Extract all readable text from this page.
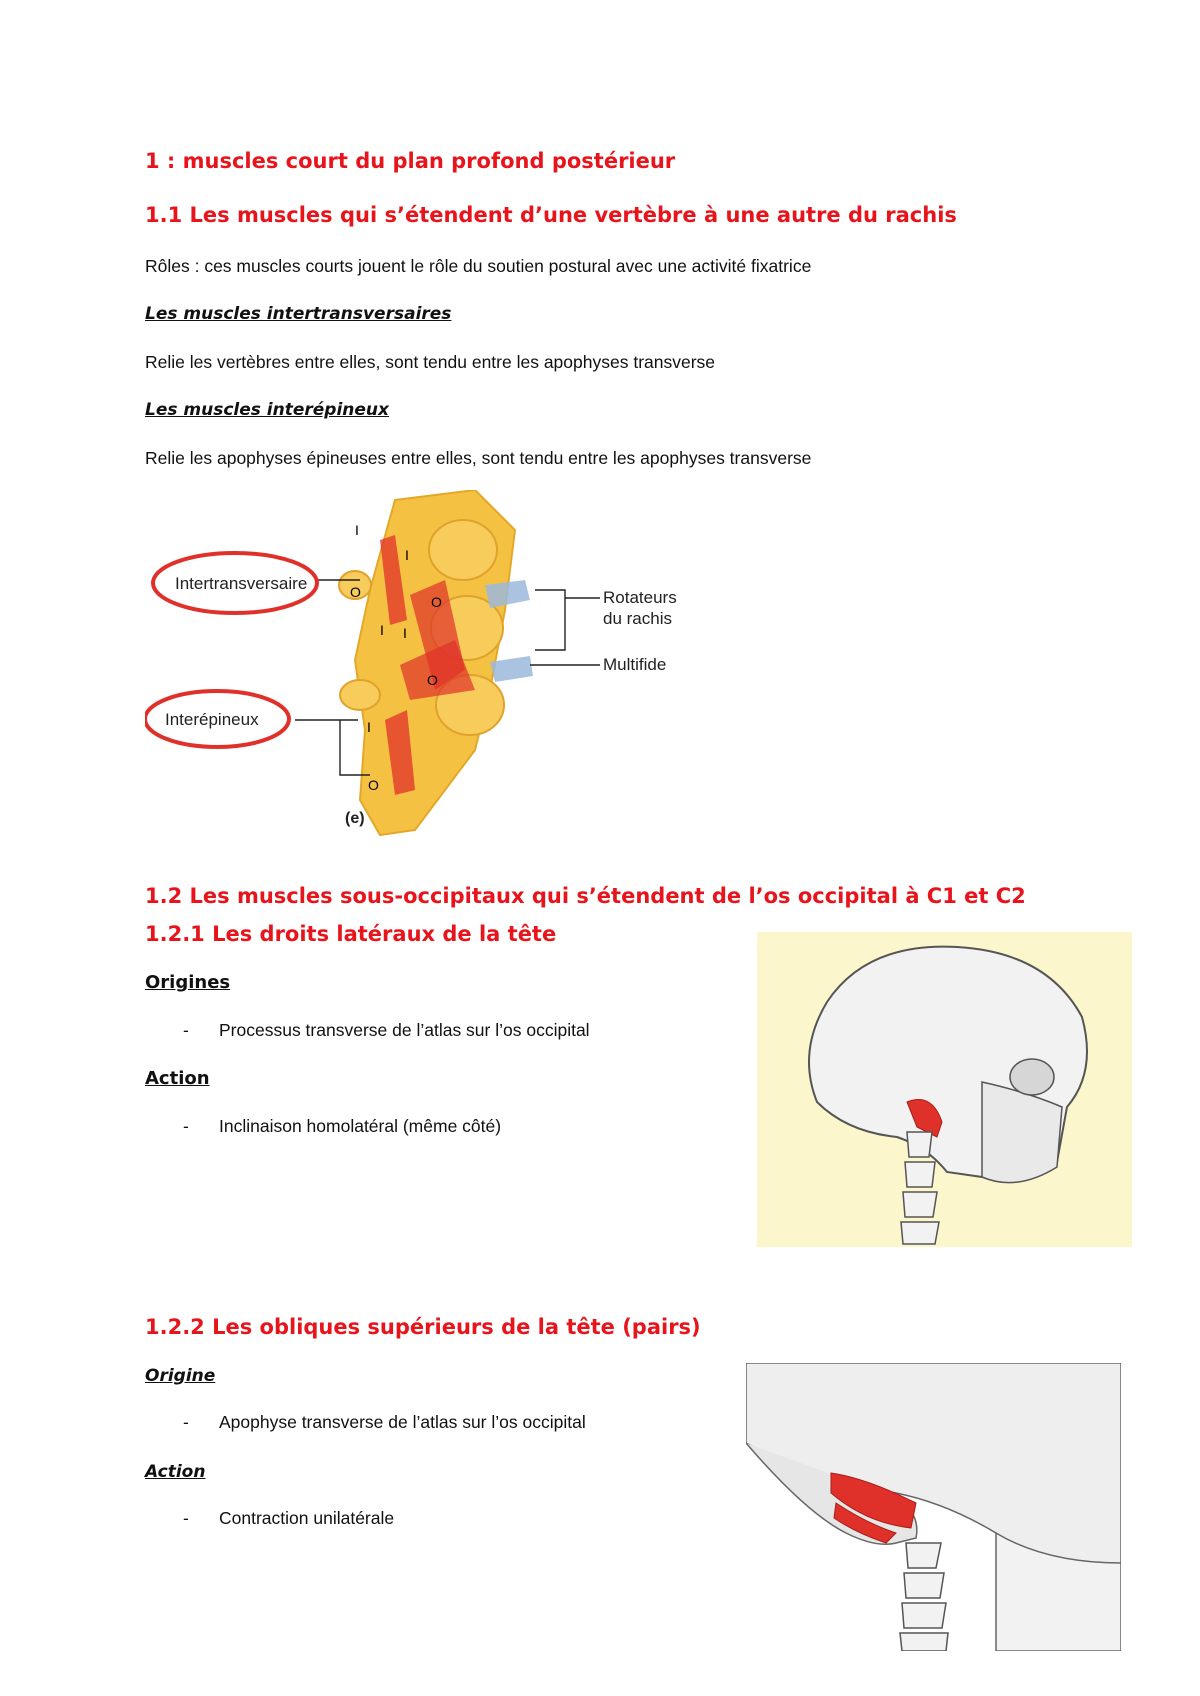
1 : muscles court du plan profond postérieur
1.1 Les muscles qui s’étendent d’une vertèbre à une autre du rachis
Rôles : ces muscles courts jouent le rôle du soutien postural avec une activité fixatrice
Les muscles intertransversaires
Relie les vertèbres entre elles, sont tendu entre les apophyses transverse
Les muscles interépineux
Relie les apophyses épineuses entre elles, sont tendu entre les apophyses transverse
I
I
O
O
I I
O
I
O
Intertransversaire
Interépineux
Rotateurs
du rachis
Multifide
(e)
1.2 Les muscles sous-occipitaux qui s’étendent de l’os occipital à C1 et C2
1.2.1 Les droits latéraux de la tête
Origines
- Processus transverse de l’atlas sur l’os occipital
Action
- Inclinaison homolatéral (même côté)
1.2.2 Les obliques supérieurs de la tête (pairs)
Origine
- Apophyse transverse de l’atlas sur l’os occipital
Action
- Contraction unilatérale
